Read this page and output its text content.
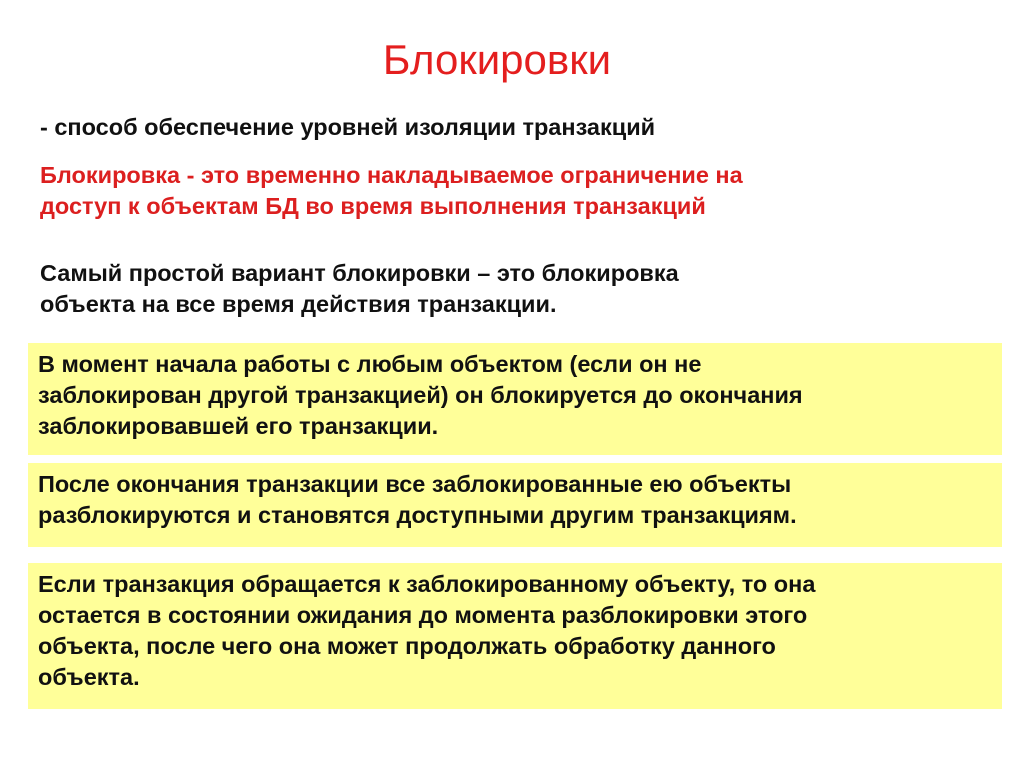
Блокировки
- способ обеспечение уровней изоляции транзакций
Блокировка - это временно накладываемое ограничение на
доступ к объектам БД во время выполнения транзакций
Самый простой вариант блокировки – это блокировка
объекта на все время действия транзакции.
В момент начала работы с любым объектом (если он не
заблокирован другой транзакцией) он блокируется до окончания
заблокировавшей его транзакции.
После окончания транзакции все заблокированные ею объекты
разблокируются и становятся доступными другим транзакциям.
Если транзакция обращается к заблокированному объекту, то она
остается в состоянии ожидания до момента разблокировки этого
объекта, после чего она может продолжать обработку данного
объекта.
